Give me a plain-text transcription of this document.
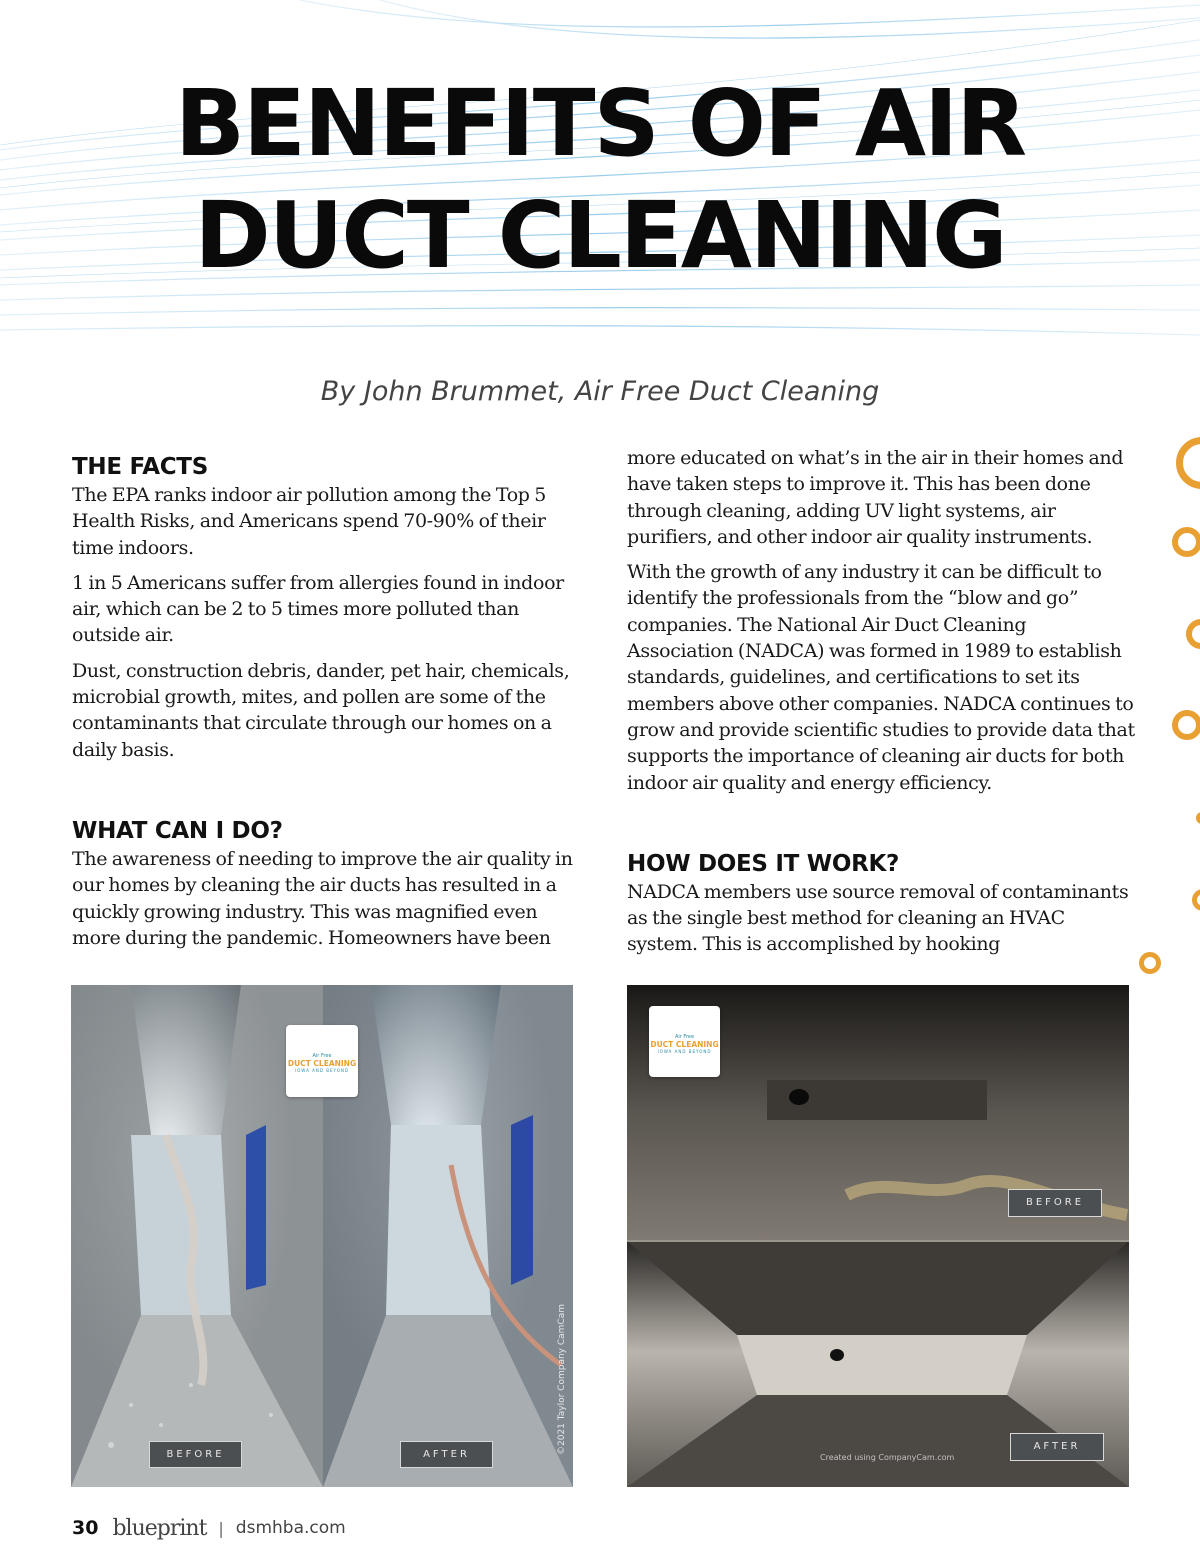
BENEFITS OF AIR
DUCT CLEANING
By John Brummet, Air Free Duct Cleaning
THE FACTS

The EPA ranks indoor air pollution among the Top 5 Health Risks, and Americans spend 70-90% of their time indoors.

1 in 5 Americans suffer from allergies found in indoor air, which can be 2 to 5 times more polluted than outside air.

Dust, construction debris, dander, pet hair, chemicals, microbial growth, mites, and pollen are some of the contaminants that circulate through our homes on a daily basis.

WHAT CAN I DO?

The awareness of needing to improve the air quality in our homes by cleaning the air ducts has resulted in a quickly growing industry. This was magnified even more during the pandemic. Homeowners have been

more educated on what’s in the air in their homes and have taken steps to improve it. This has been done through cleaning, adding UV light systems, air purifiers, and other indoor air quality instruments.

With the growth of any industry it can be difficult to identify the professionals from the “blow and go” companies. The National Air Duct Cleaning Association (NADCA) was formed in 1989 to establish standards, guidelines, and certifications to set its members above other companies. NADCA continues to grow and provide scientific studies to provide data that supports the importance of cleaning air ducts for both indoor air quality and energy efficiency.

HOW DOES IT WORK?

NADCA members use source removal of contaminants as the single best method for cleaning an HVAC system. This is accomplished by hooking

Air Free
DUCT CLEANING
IOWA AND BEYOND
BEFORE	AFTER	©2021 Taylor Company CamCam
Air Free
DUCT CLEANING
IOWA AND BEYOND
BEFORE
AFTER
Created using CompanyCam.com
30 blueprint | dsmhba.com
